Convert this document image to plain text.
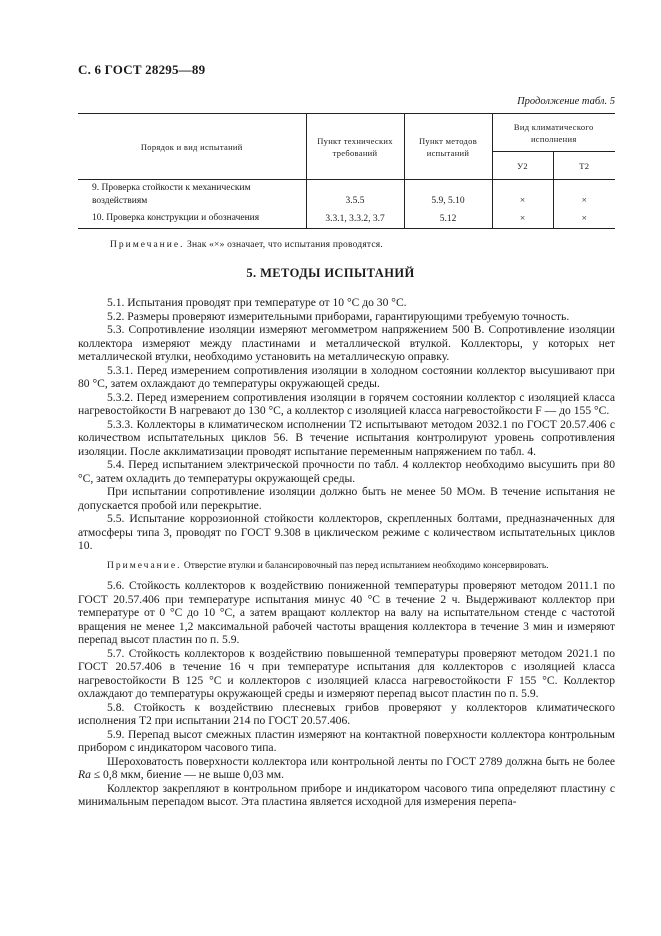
С. 6 ГОСТ 28295—89
Продолжение табл. 5
Порядок и вид испытаний	Пункт технических требований	Пункт методов испытаний	Вид климатического исполнения	
			У2	Т2
9. Проверка стойкости к механическим воздействиям	3.5.5	5.9, 5.10	×	×
10. Проверка конструкции и обозначения	3.3.1, 3.3.2, 3.7	5.12	×	×
Примечание. Знак «×» означает, что испытания проводятся.
5. МЕТОДЫ ИСПЫТАНИЙ

5.1. Испытания проводят при температуре от 10 °С до 30 °С.

5.2. Размеры проверяют измерительными приборами, гарантирующими требуемую точность.

5.3. Сопротивление изоляции измеряют мегомметром напряжением 500 В. Сопротивление изоляции коллектора измеряют между пластинами и металлической втулкой. Коллекторы, у которых нет металлической втулки, необходимо установить на металлическую оправку.

5.3.1. Перед измерением сопротивления изоляции в холодном состоянии коллектор высушивают при 80 °С, затем охлаждают до температуры окружающей среды.

5.3.2. Перед измерением сопротивления изоляции в горячем состоянии коллектор с изоляцией класса нагревостойкости В нагревают до 130 °С, а коллектор с изоляцией класса нагревостойкости F — до 155 °С.

5.3.3. Коллекторы в климатическом исполнении Т2 испытывают методом 2032.1 по ГОСТ 20.57.406 с количеством испытательных циклов 56. В течение испытания контролируют уровень сопротивления изоляции. После акклиматизации проводят испытание переменным напряжением по табл. 4.

5.4. Перед испытанием электрической прочности по табл. 4 коллектор необходимо высушить при 80 °С, затем охладить до температуры окружающей среды.

При испытании сопротивление изоляции должно быть не менее 50 МОм. В течение испытания не допускается пробой или перекрытие.

5.5. Испытание коррозионной стойкости коллекторов, скрепленных болтами, предназначенных для атмосферы типа 3, проводят по ГОСТ 9.308 в циклическом режиме с количеством испытательных циклов 10.

Примечание. Отверстие втулки и балансировочный паз перед испытанием необходимо консервировать.

5.6. Стойкость коллекторов к воздействию пониженной температуры проверяют методом 2011.1 по ГОСТ 20.57.406 при температуре испытания минус 40 °С в течение 2 ч. Выдерживают коллектор при температуре от 0 °С до 10 °С, а затем вращают коллектор на валу на испытательном стенде с частотой вращения не менее 1,2 максимальной рабочей частоты вращения коллектора в течение 3 мин и измеряют перепад высот пластин по п. 5.9.

5.7. Стойкость коллекторов к воздействию повышенной температуры проверяют методом 2021.1 по ГОСТ 20.57.406 в течение 16 ч при температуре испытания для коллекторов с изоляцией класса нагревостойкости В 125 °С и коллекторов с изоляцией класса нагревостойкости F 155 °С. Коллектор охлаждают до температуры окружающей среды и измеряют перепад высот пластин по п. 5.9.

5.8. Стойкость к воздействию плесневых грибов проверяют у коллекторов климатического исполнения Т2 при испытании 214 по ГОСТ 20.57.406.

5.9. Перепад высот смежных пластин измеряют на контактной поверхности коллектора контрольным прибором с индикатором часового типа.

Шероховатость поверхности коллектора или контрольной ленты по ГОСТ 2789 должна быть не более Ra ≤ 0,8 мкм, биение — не выше 0,03 мм.

Коллектор закрепляют в контрольном приборе и индикатором часового типа определяют пластину с минимальным перепадом высот. Эта пластина является исходной для измерения перепа-
